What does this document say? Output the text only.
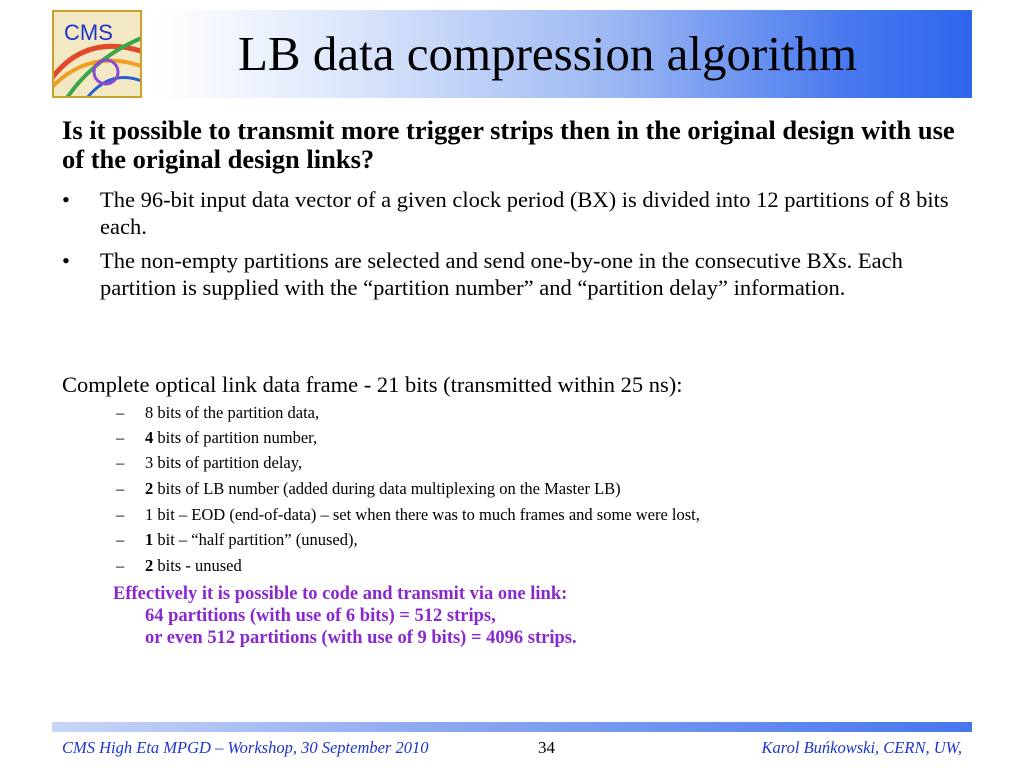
CMS	LB data compression algorithm
Is it possible to transmit more trigger strips then in the original design with use of the original design links?
• The 96-bit input data vector of a given clock period (BX) is divided into 12 partitions of 8 bits each.
• The non-empty partitions are selected and send one-by-one in the consecutive BXs. Each partition is supplied with the “partition number” and “partition delay” information.
Complete optical link data frame - 21 bits (transmitted within 25 ns):
– 8 bits of the partition data,
– 4 bits of partition number,
– 3 bits of partition delay,
– 2 bits of LB number (added during data multiplexing on the Master LB)
– 1 bit – EOD (end-of-data) – set when there was to much frames and some were lost,
– 1 bit – “half partition” (unused),
– 2 bits - unused
Effectively it is possible to code and transmit via one link:
64 partitions (with use of 6 bits) = 512 strips,
or even 512 partitions (with use of 9 bits) = 4096 strips.
CMS High Eta MPGD – Workshop, 30 September 2010	34	Karol Buńkowski, CERN, UW,
